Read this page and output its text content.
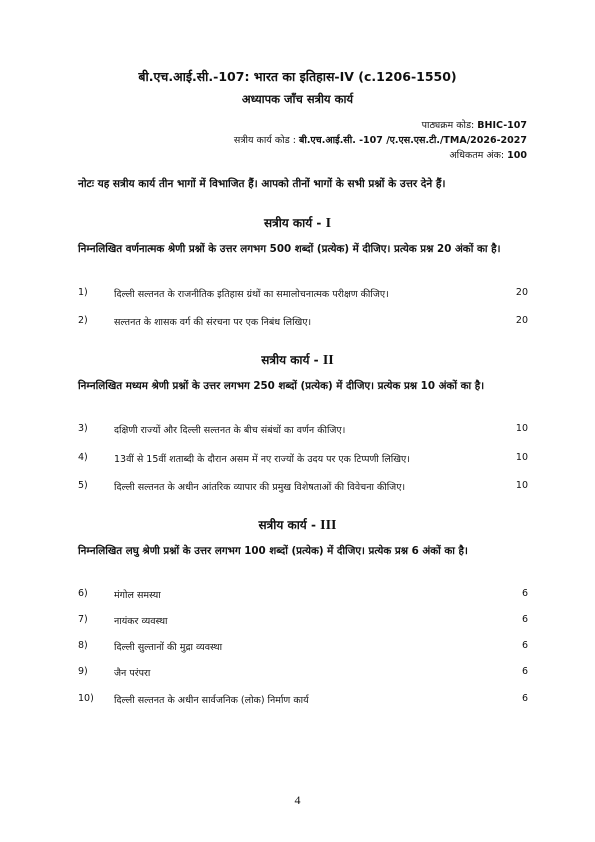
बी.एच.आई.सी.-107: भारत का इतिहास-IV (c.1206-1550)
अध्यापक जाँच सत्रीय कार्य
पाठ्यक्रम कोड: BHIC-107
सत्रीय कार्य कोड : बी.एच.आई.सी. -107 /ए.एस.एस.टी./TMA/2026-2027
अधिकतम अंक: 100
नोटः यह सत्रीय कार्य तीन भागों में विभाजित हैं। आपको तीनों भागों के सभी प्रश्नों के उत्तर देने हैं।
सत्रीय कार्य - I
निम्नलिखित वर्णनात्मक श्रेणी प्रश्नों के उत्तर लगभग 500 शब्दों (प्रत्येक) में दीजिए। प्रत्येक प्रश्न 20 अंकों का है।
1)	दिल्ली सल्तनत के राजनीतिक इतिहास ग्रंथों का समालोचनात्मक परीक्षण कीजिए।	20
2)	सल्तनत के शासक वर्ग की संरचना पर एक निबंध लिखिए।	20
सत्रीय कार्य - II
निम्नलिखित मध्यम श्रेणी प्रश्नों के उत्तर लगभग 250 शब्दों (प्रत्येक) में दीजिए। प्रत्येक प्रश्न 10 अंकों का है।
3)	दक्षिणी राज्यों और दिल्ली सल्तनत के बीच संबंधों का वर्णन कीजिए।	10
4)	13वीं से 15वीं शताब्दी के दौरान असम में नए राज्यों के उदय पर एक टिप्पणी लिखिए।	10
5)	दिल्ली सल्तनत के अधीन आंतरिक व्यापार की प्रमुख विशेषताओं की विवेचना कीजिए।	10
सत्रीय कार्य - III
निम्नलिखित लघु श्रेणी प्रश्नों के उत्तर लगभग 100 शब्दों (प्रत्येक) में दीजिए। प्रत्येक प्रश्न 6 अंकों का है।
6)	मंगोल समस्या	6
7)	नायंकर व्यवस्था	6
8)	दिल्ली सुल्तानों की मुद्रा व्यवस्था	6
9)	जैन परंपरा	6
10) दिल्ली सल्तनत के अधीन सार्वजनिक (लोक) निर्माण कार्य	6
4
